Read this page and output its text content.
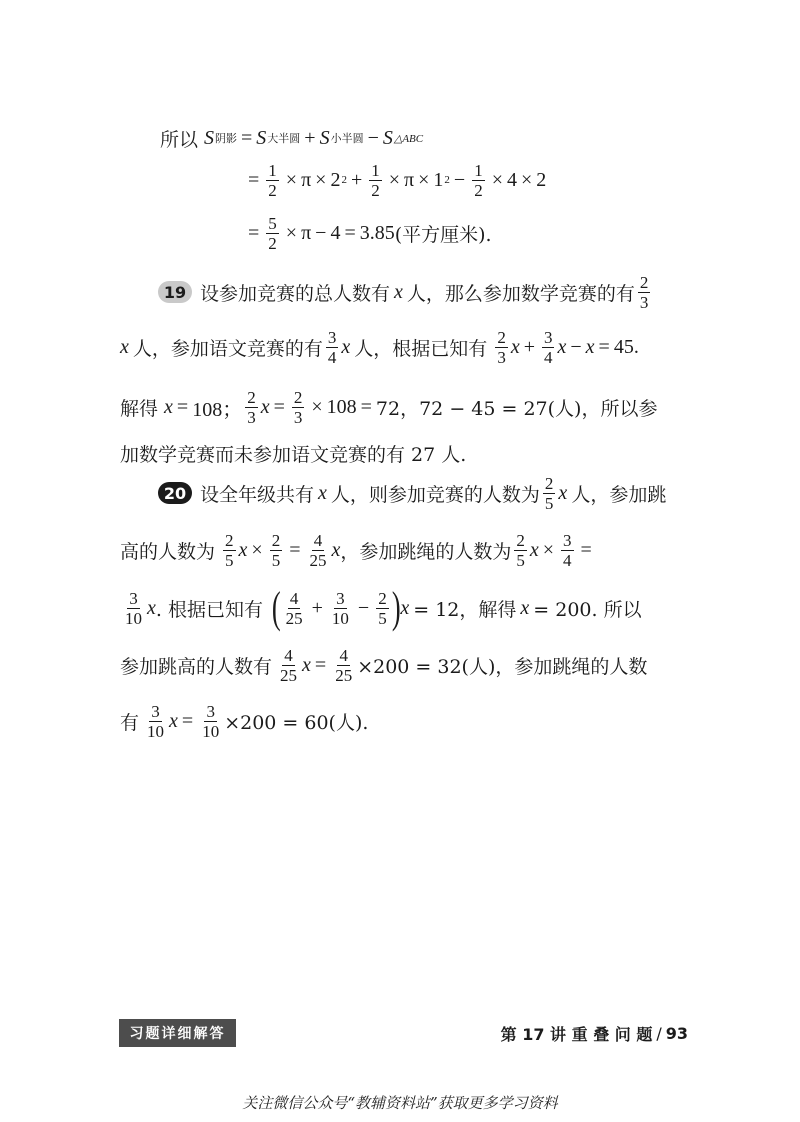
所以 S 阴影 = S 大半圆 + S 小半圆 − S △ABC
= $\frac{1}{2} \times \pi \times 2$ $2 + \frac{1}{2} \times \pi \times 1$ $2 - \frac{1}{2} \times 4 \times 2$
= $\frac{5}{2} \times \pi - 4 = 3.85$ (平方厘米).
19 设参加竞赛的总人数有 x 人，那么参加数学竞赛的有 $\frac{2}{3}$
x 人，参加语文竞赛的有 $\frac{3}{4}$ x 人，根据已知有 $\frac{2}{3}$ $x + \frac{3}{4}$ x − x = 45.
解得 x = 108； $\frac{2}{3}$ $x = \frac{2}{3} \times 108 = 72$，72 − 45 = 27(人)，所以参
加数学竞赛而未参加语文竞赛的有 27 人.
20 设全年级共有 x 人，则参加竞赛的人数为 $\frac{2}{5}$ x 人，参加跳
高的人数为 $\frac{2}{5}$ $x \times \frac{2}{5} = \frac{4}{25}$ x ，参加跳绳的人数为 $\frac{2}{5}$ $x \times \frac{3}{4}$ =
$\frac{3}{10}$ x . 根据已知有 ( $\frac{4}{25} + \frac{3}{10} - \frac{2}{5}$ ) x = 12，解得 x = 200. 所以
参加跳高的人数有 $\frac{4}{25}$ $x = \frac{4}{25} \times 200 = 32$(人)，参加跳绳的人数
有 $\frac{3}{10}$ $x = \frac{3}{10} \times 200 = 60$(人).
习题详细解答	第 17 讲 重 叠 问 题 / 93
关注微信公众号“教辅资料站”获取更多学习资料
